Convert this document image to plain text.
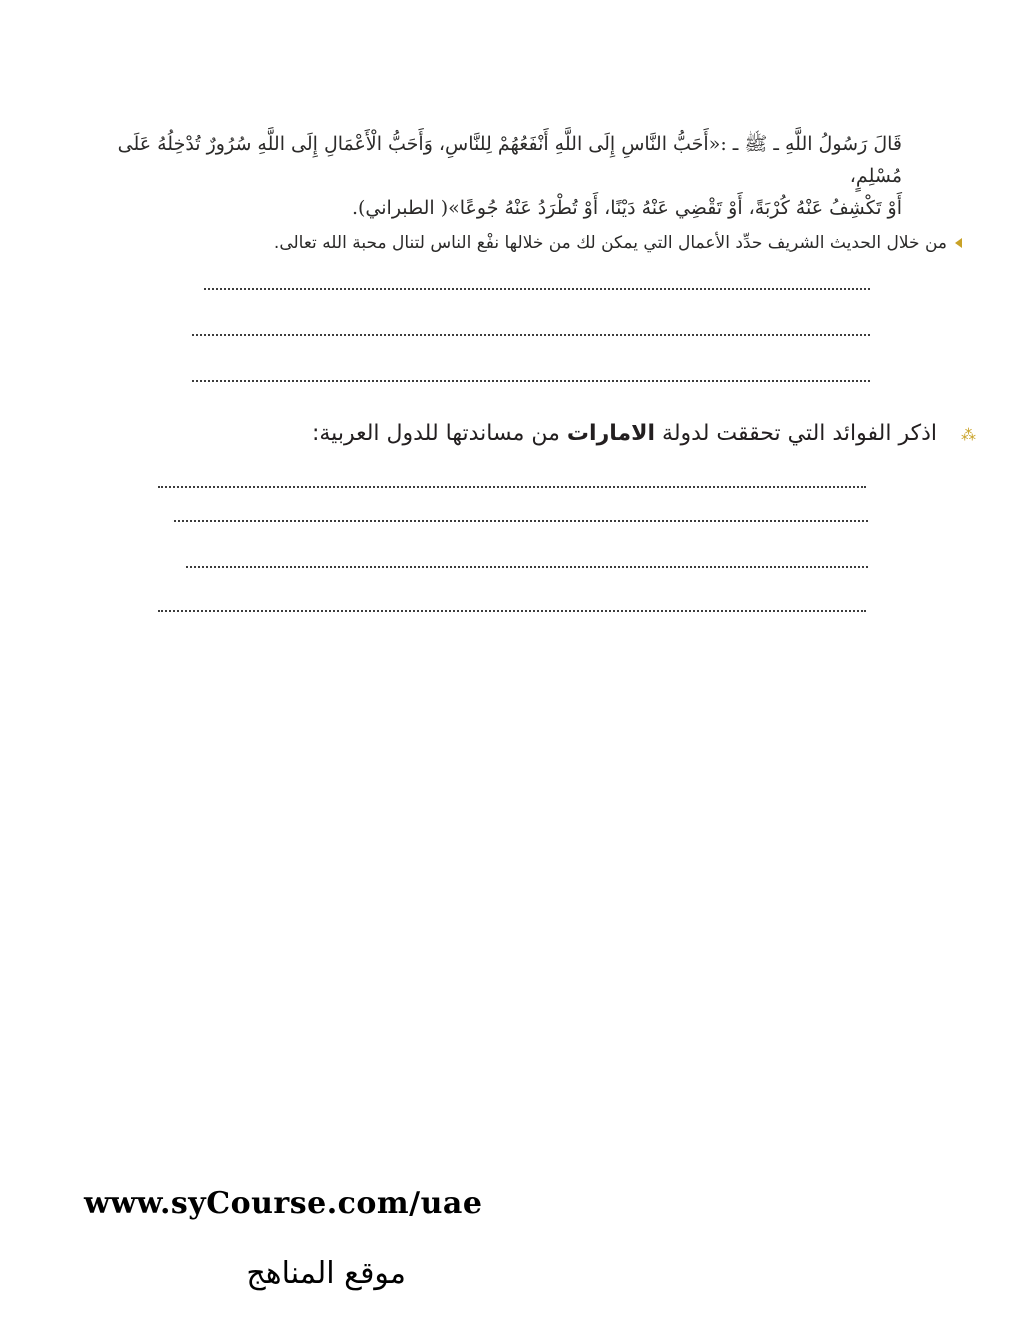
قَالَ رَسُولُ اللَّهِ ـ ﷺ ـ :«أَحَبُّ النَّاسِ إِلَى اللَّهِ أَنْفَعُهُمْ لِلنَّاسِ، وَأَحَبُّ الْأَعْمَالِ إِلَى اللَّهِ سُرُورٌ تُدْخِلُهُ عَلَى مُسْلِمٍ،
أَوْ تَكْشِفُ عَنْهُ كُرْبَةً، أَوْ تَقْضِي عَنْهُ دَيْنًا، أَوْ تُطْرَدُ عَنْهُ جُوعًا»( الطبراني).
من خلال الحديث الشريف حدِّد الأعمال التي يمكن لك من خلالها نفْع الناس لتنال محبة الله تعالى.
⁂اذكر الفوائد التي تحققت لدولة الامارات من مساندتها للدول العربية:
www.syCourse.com/uae
موقع المناهج
